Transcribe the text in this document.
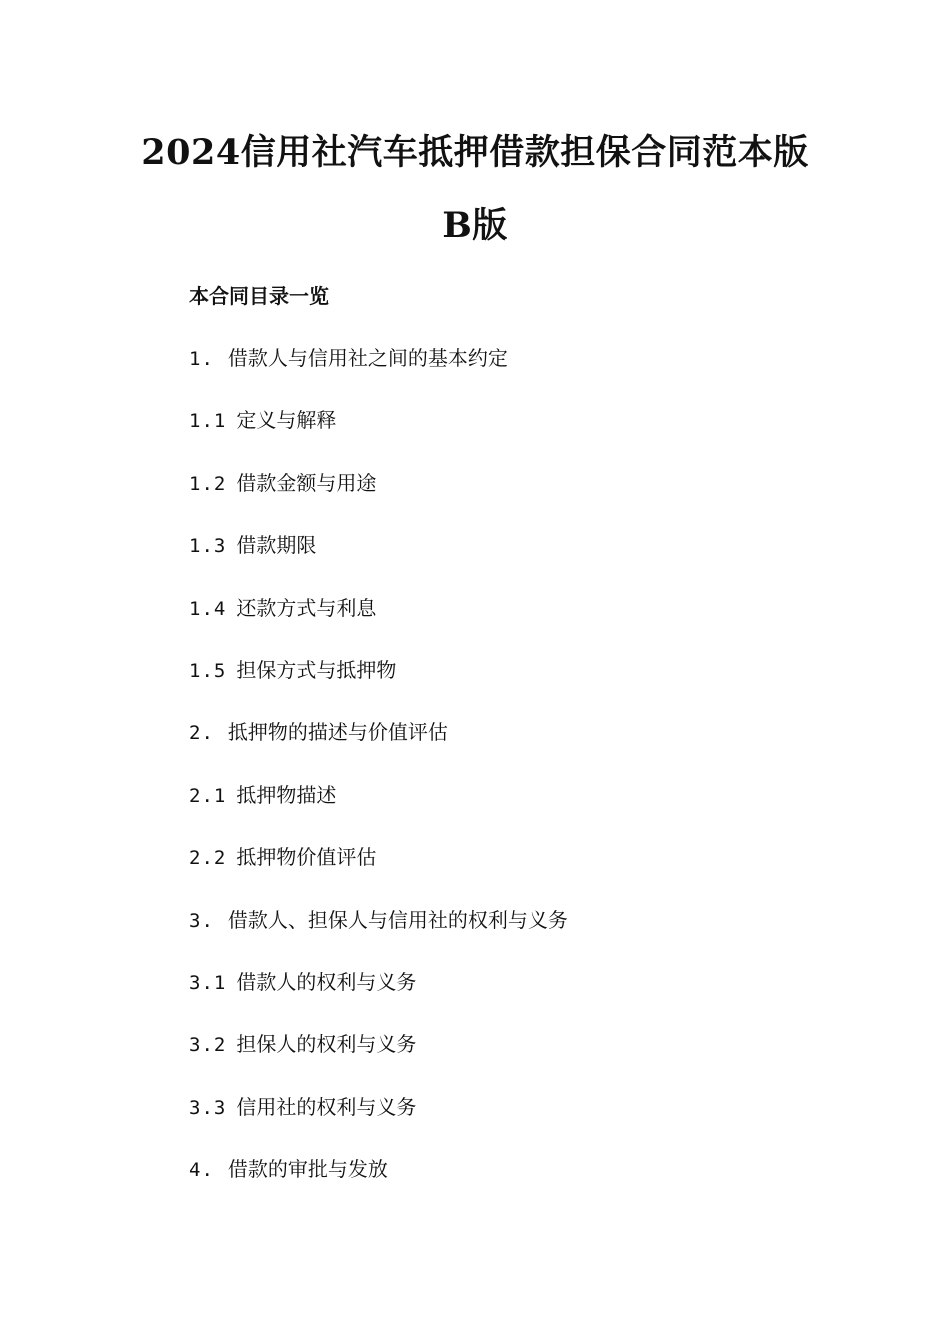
2024信用社汽车抵押借款担保合同范本版
B版
本合同目录一览
1. 借款人与信用社之间的基本约定
1.1 定义与解释
1.2 借款金额与用途
1.3 借款期限
1.4 还款方式与利息
1.5 担保方式与抵押物
2. 抵押物的描述与价值评估
2.1 抵押物描述
2.2 抵押物价值评估
3. 借款人、担保人与信用社的权利与义务
3.1 借款人的权利与义务
3.2 担保人的权利与义务
3.3 信用社的权利与义务
4. 借款的审批与发放
